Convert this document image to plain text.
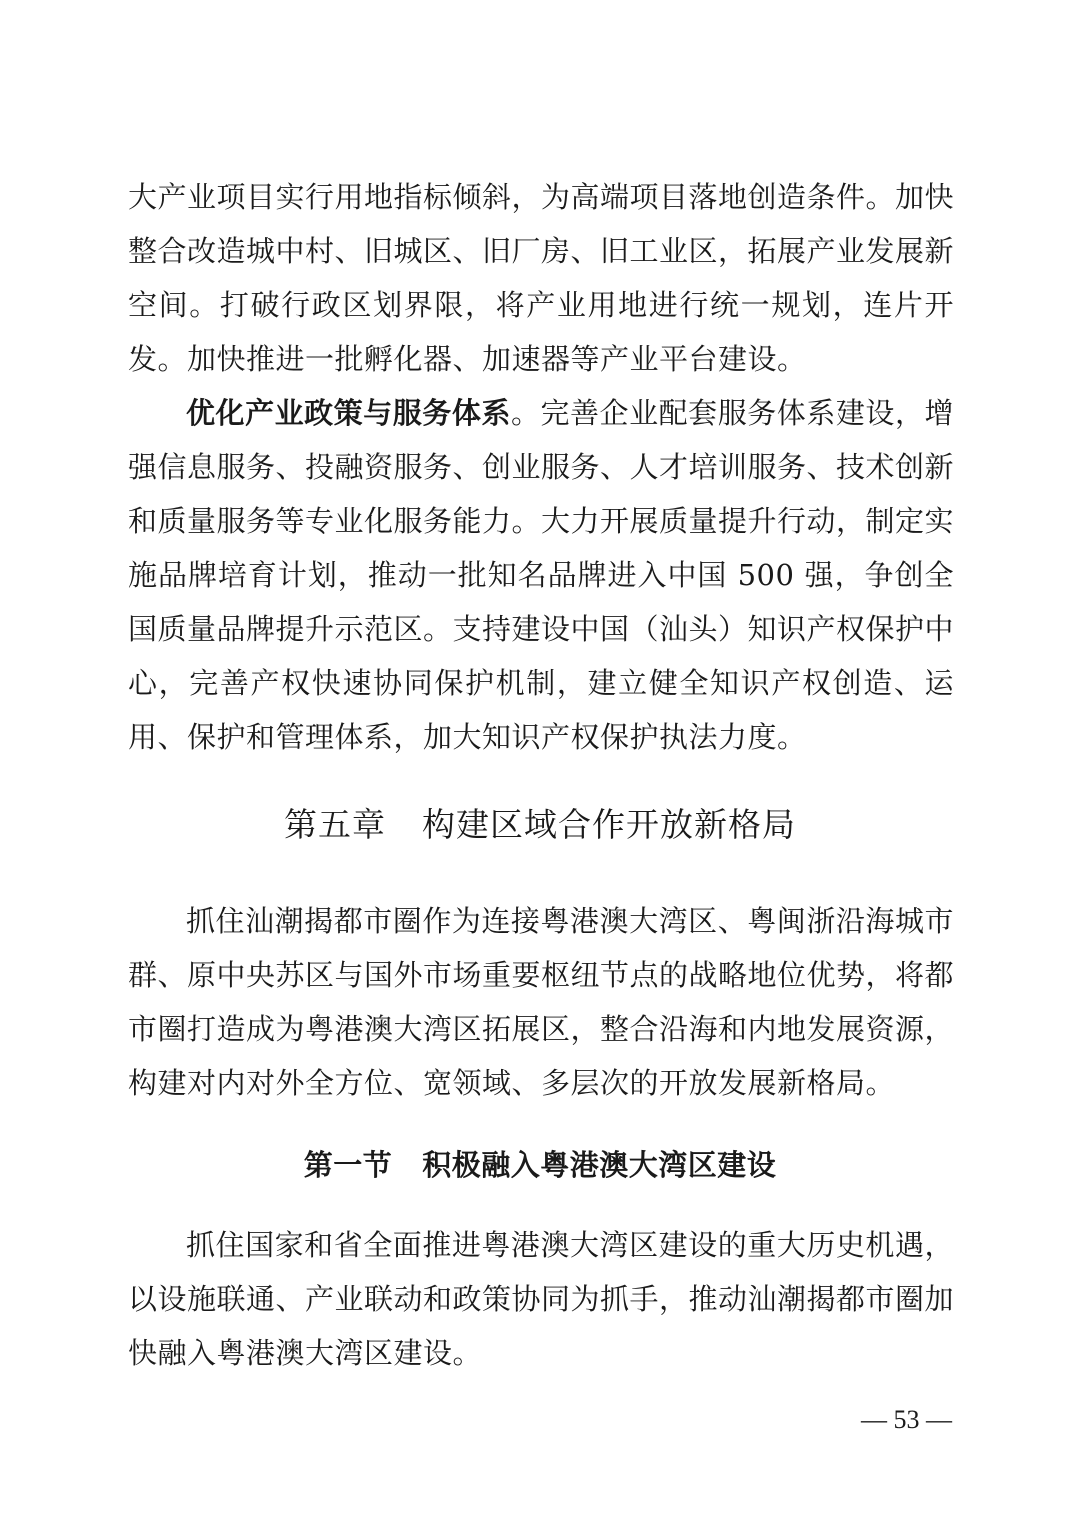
大产业项目实行用地指标倾斜，为高端项目落地创造条件。加快整合改造城中村、旧城区、旧厂房、旧工业区，拓展产业发展新空间。打破行政区划界限，将产业用地进行统一规划，连片开发。加快推进一批孵化器、加速器等产业平台建设。

优化产业政策与服务体系。完善企业配套服务体系建设，增强信息服务、投融资服务、创业服务、人才培训服务、技术创新和质量服务等专业化服务能力。大力开展质量提升行动，制定实施品牌培育计划，推动一批知名品牌进入中国 500 强，争创全国质量品牌提升示范区。支持建设中国（汕头）知识产权保护中心，完善产权快速协同保护机制，建立健全知识产权创造、运用、保护和管理体系，加大知识产权保护执法力度。

第五章 构建区域合作开放新格局

抓住汕潮揭都市圈作为连接粤港澳大湾区、粤闽浙沿海城市群、原中央苏区与国外市场重要枢纽节点的战略地位优势，将都市圈打造成为粤港澳大湾区拓展区，整合沿海和内地发展资源，构建对内对外全方位、宽领域、多层次的开放发展新格局。

第一节 积极融入粤港澳大湾区建设

抓住国家和省全面推进粤港澳大湾区建设的重大历史机遇，以设施联通、产业联动和政策协同为抓手，推动汕潮揭都市圈加快融入粤港澳大湾区建设。

— 53 —
